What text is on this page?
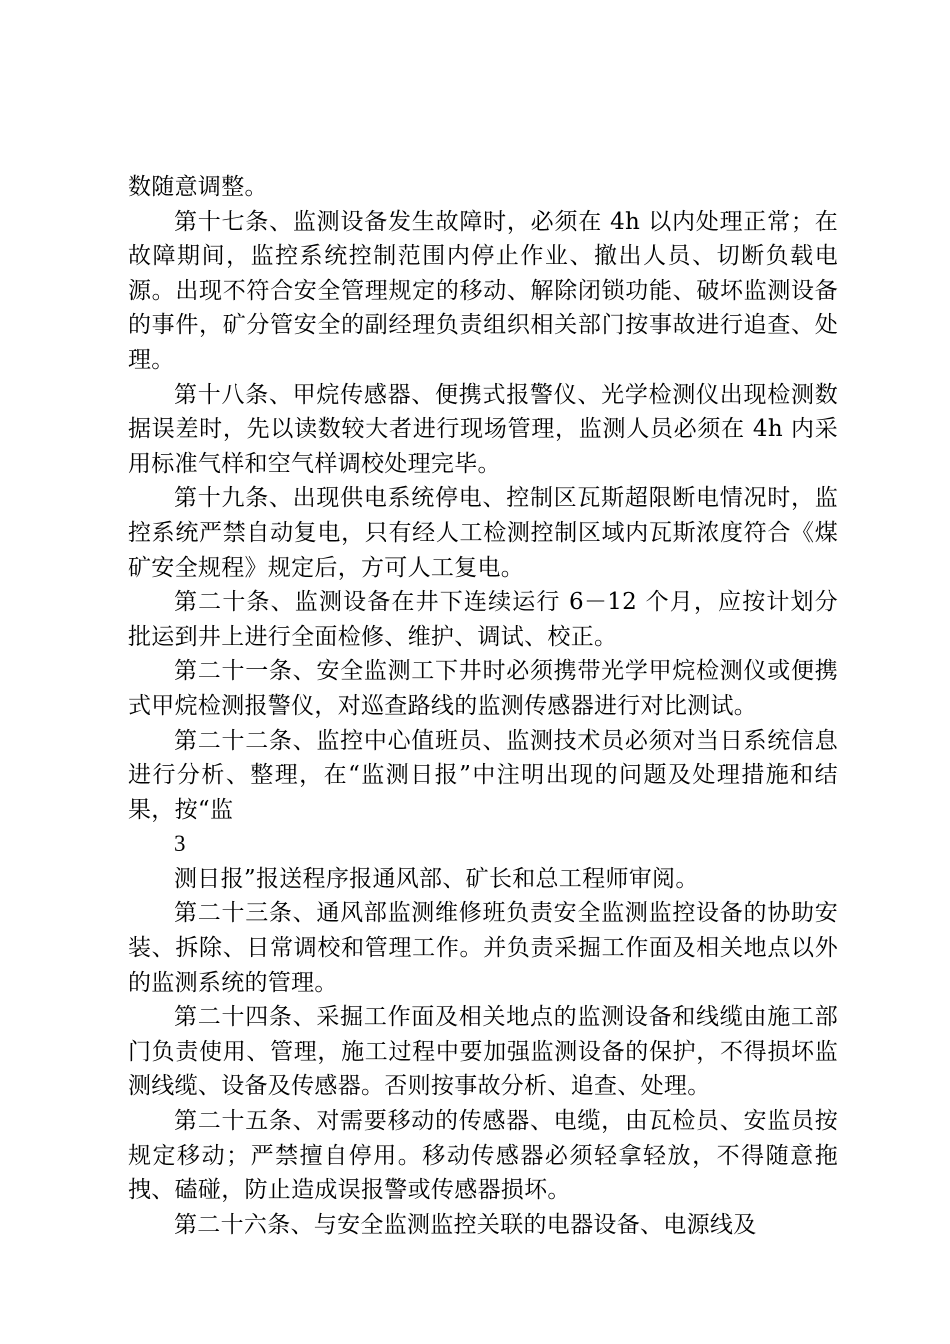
数随意调整。

第十七条、监测设备发生故障时，必须在 4h 以内处理正常；在故障期间，监控系统控制范围内停止作业、撤出人员、切断负载电源。出现不符合安全管理规定的移动、解除闭锁功能、破坏监测设备的事件，矿分管安全的副经理负责组织相关部门按事故进行追查、处理。

第十八条、甲烷传感器、便携式报警仪、光学检测仪出现检测数据误差时，先以读数较大者进行现场管理，监测人员必须在 4h 内采用标准气样和空气样调校处理完毕。

第十九条、出现供电系统停电、控制区瓦斯超限断电情况时，监控系统严禁自动复电，只有经人工检测控制区域内瓦斯浓度符合《煤矿安全规程》规定后，方可人工复电。

第二十条、监测设备在井下连续运行 6－12 个月，应按计划分批运到井上进行全面检修、维护、调试、校正。

第二十一条、安全监测工下井时必须携带光学甲烷检测仪或便携式甲烷检测报警仪，对巡查路线的监测传感器进行对比测试。

第二十二条、监控中心值班员、监测技术员必须对当日系统信息进行分析、整理，在“监测日报”中注明出现的问题及处理措施和结果，按“监

3

测日报”报送程序报通风部、矿长和总工程师审阅。

第二十三条、通风部监测维修班负责安全监测监控设备的协助安装、拆除、日常调校和管理工作。并负责采掘工作面及相关地点以外的监测系统的管理。

第二十四条、采掘工作面及相关地点的监测设备和线缆由施工部门负责使用、管理，施工过程中要加强监测设备的保护，不得损坏监测线缆、设备及传感器。否则按事故分析、追查、处理。

第二十五条、对需要移动的传感器、电缆，由瓦检员、安监员按规定移动；严禁擅自停用。移动传感器必须轻拿轻放，不得随意拖拽、磕碰，防止造成误报警或传感器损坏。

第二十六条、与安全监测监控关联的电器设备、电源线及
